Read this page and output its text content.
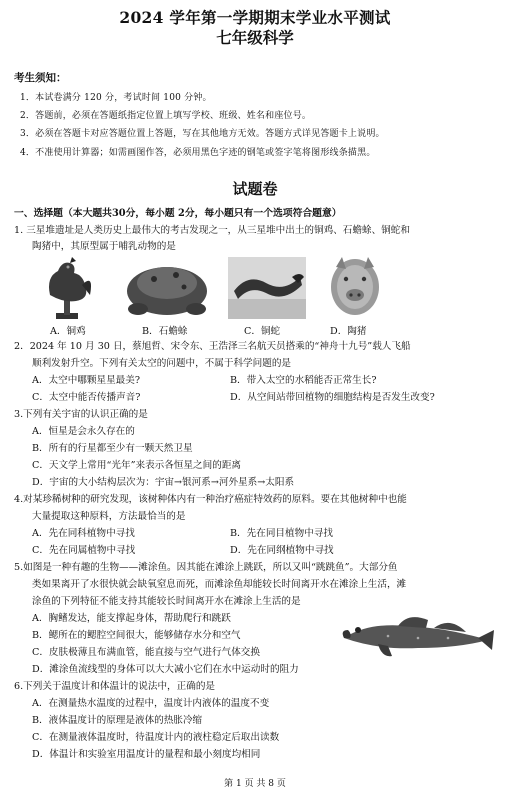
2024 学年第一学期期末学业水平测试
七年级科学
考生须知：
1．本试卷满分 120 分，考试时间 100 分钟。
2．答题前，必须在答题纸指定位置上填写学校、班级、姓名和座位号。
3．必须在答题卡对应答题位置上答题，写在其他地方无效。答题方式详见答题卡上说明。
4．不准使用计算器；如需画图作答，必须用黑色字迹的钢笔或签字笔将图形线条描黑。
试题卷
一、选择题（本大题共30分，每小题 2分，每小题只有一个选项符合题意）
1. 三星堆遗址是人类历史上最伟大的考古发现之一，从三星堆中出土的铜鸡、石蟾蜍、铜蛇和
陶猪中，其原型属于哺乳动物的是
A．铜鸡	B．石蟾蜍	C．铜蛇	D．陶猪
2．2024 年 10 月 30 日，蔡旭哲、宋令东、王浩泽三名航天员搭乘的“神舟十九号”载人飞船
顺利发射升空。下列有关太空的问题中，不属于科学问题的是
A．太空中哪颗星星最美?	B．带入太空的水稻能否正常生长?
C．太空中能否传播声音?	D．从空间站带回植物的细胞结构是否发生改变?
3.下列有关宇宙的认识正确的是
A．恒星是会永久存在的
B．所有的行星都至少有一颗天然卫星
C．天文学上常用“光年”来表示各恒星之间的距离
D．宇宙的大小结构层次为：宇宙→银河系→河外星系→太阳系
4.对某珍稀树种的研究发现，该树种体内有一种治疗癌症特效药的原料。要在其他树种中也能
大量提取这种原料，方法最恰当的是
A．先在同科植物中寻找	B．先在同目植物中寻找
C．先在同属植物中寻找	D．先在同纲植物中寻找
5.如图是一种有趣的生物——滩涂鱼。因其能在滩涂上跳跃，所以又叫“跳跳鱼”。大部分鱼
类如果离开了水很快就会缺氧窒息而死，而滩涂鱼却能较长时间离开水在滩涂上生活，滩
涂鱼的下列特征不能支持其能较长时间离开水在滩涂上生活的是
A．胸鳍发达，能支撑起身体，帮助爬行和跳跃
B．鳃所在的鳃腔空间很大，能够储存水分和空气
C．皮肤极薄且布满血管，能直接与空气进行气体交换
D．滩涂鱼流线型的身体可以大大减小它们在水中运动时的阻力
6.下列关于温度计和体温计的说法中，正确的是
A．在测量热水温度的过程中，温度计内液体的温度不变
B．液体温度计的原理是液体的热胀冷缩
C．在测量液体温度时，待温度计内的液柱稳定后取出读数
D．体温计和实验室用温度计的量程和最小刻度均相同
第 1 页 共 8 页
